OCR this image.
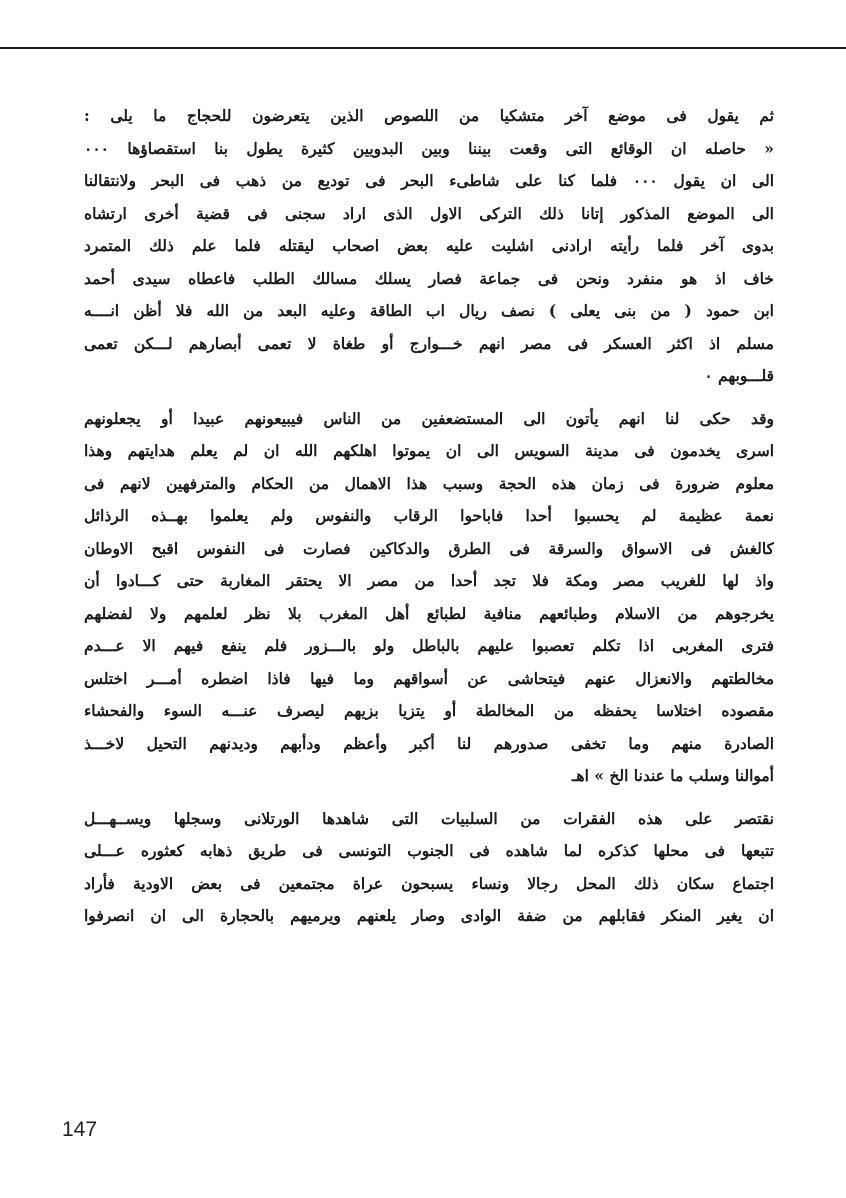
ثم يقول فى موضع آخر متشكيا من اللصوص الذين يتعرضون للحجاج ما يلى :
« حاصله ان الوقائع التى وقعت بيننا وبين البدويين كثيرة يطول بنا استقصاؤها ٠٠٠
الى ان يقول ٠٠٠ فلما كنا على شاطىء البحر فى توديع من ذهب فى البحر ولانتقالنا
الى الموضع المذكور إتانا ذلك التركى الاول الذى اراد سجنى فى قضية أخرى ارتشاه
بدوى آخر فلما رأيته ارادنى اشليت عليه بعض اصحاب ليقتله فلما علم ذلك المتمرد
خاف اذ هو منفرد ونحن فى جماعة فصار يسلك مسالك الطلب فاعطاه سيدى أحمد
ابن حمود ( من بنى يعلى ) نصف ريال اب الطاقة وعليه البعد من الله فلا أظن انــــه
مسلم اذ اكثر العسكر فى مصر انهم خـــوارج أو طغاة لا تعمى أبصارهم لـــكن تعمى
قلـــوبهم ٠
وقد حكى لنا انهم يأتون الى المستضعفين من الناس فيبيعونهم عبيدا أو يجعلونهم
اسرى يخدمون فى مدينة السويس الى ان يموتوا اهلكهم الله ان لم يعلم هدايتهم وهذا
معلوم ضرورة فى زمان هذه الحجة وسبب هذا الاهمال من الحكام والمترفهين لانهم فى
نعمة عظيمة لم يحسبوا أحدا فاباحوا الرقاب والنفوس ولم يعلموا بهــذه الرذائل
كالغش فى الاسواق والسرقة فى الطرق والدكاكين فصارت فى النفوس اقبح الاوطان
واذ لها للغريب مصر ومكة فلا تجد أحدا من مصر الا يحتقر المغاربة حتى كـــادوا أن
يخرجوهم من الاسلام وطبائعهم منافية لطبائع أهل المغرب بلا نظر لعلمهم ولا لفضلهم
فترى المغربى اذا تكلم تعصبوا عليهم بالباطل ولو بالـــزور فلم ينفع فيهم الا عـــدم
مخالطتهم والانعزال عنهم فيتحاشى عن أسواقهم وما فيها فاذا اضطره أمـــر اختلس
مقصوده اختلاسا يحفظه من المخالطة أو يتزيا بزيهم ليصرف عنـــه السوء والفحشاء
الصادرة منهم وما تخفى صدورهم لنا أكبر وأعظم ودأبهم وديدنهم التحيل لاخـــذ
أموالنا وسلب ما عندنا الخ » اهـ
نقتصر على هذه الفقرات من السلبيات التى شاهدها الورتلانى وسجلها ويســهـــل
تتبعها فى محلها كذكره لما شاهده فى الجنوب التونسى فى طريق ذهابه كعثوره عـــلى
اجتماع سكان ذلك المحل رجالا ونساء يسبحون عراة مجتمعين فى بعض الاودية فأراد
ان يغير المنكر فقابلهم من ضفة الوادى وصار يلعنهم ويرميهم بالحجارة الى ان انصرفوا
147
